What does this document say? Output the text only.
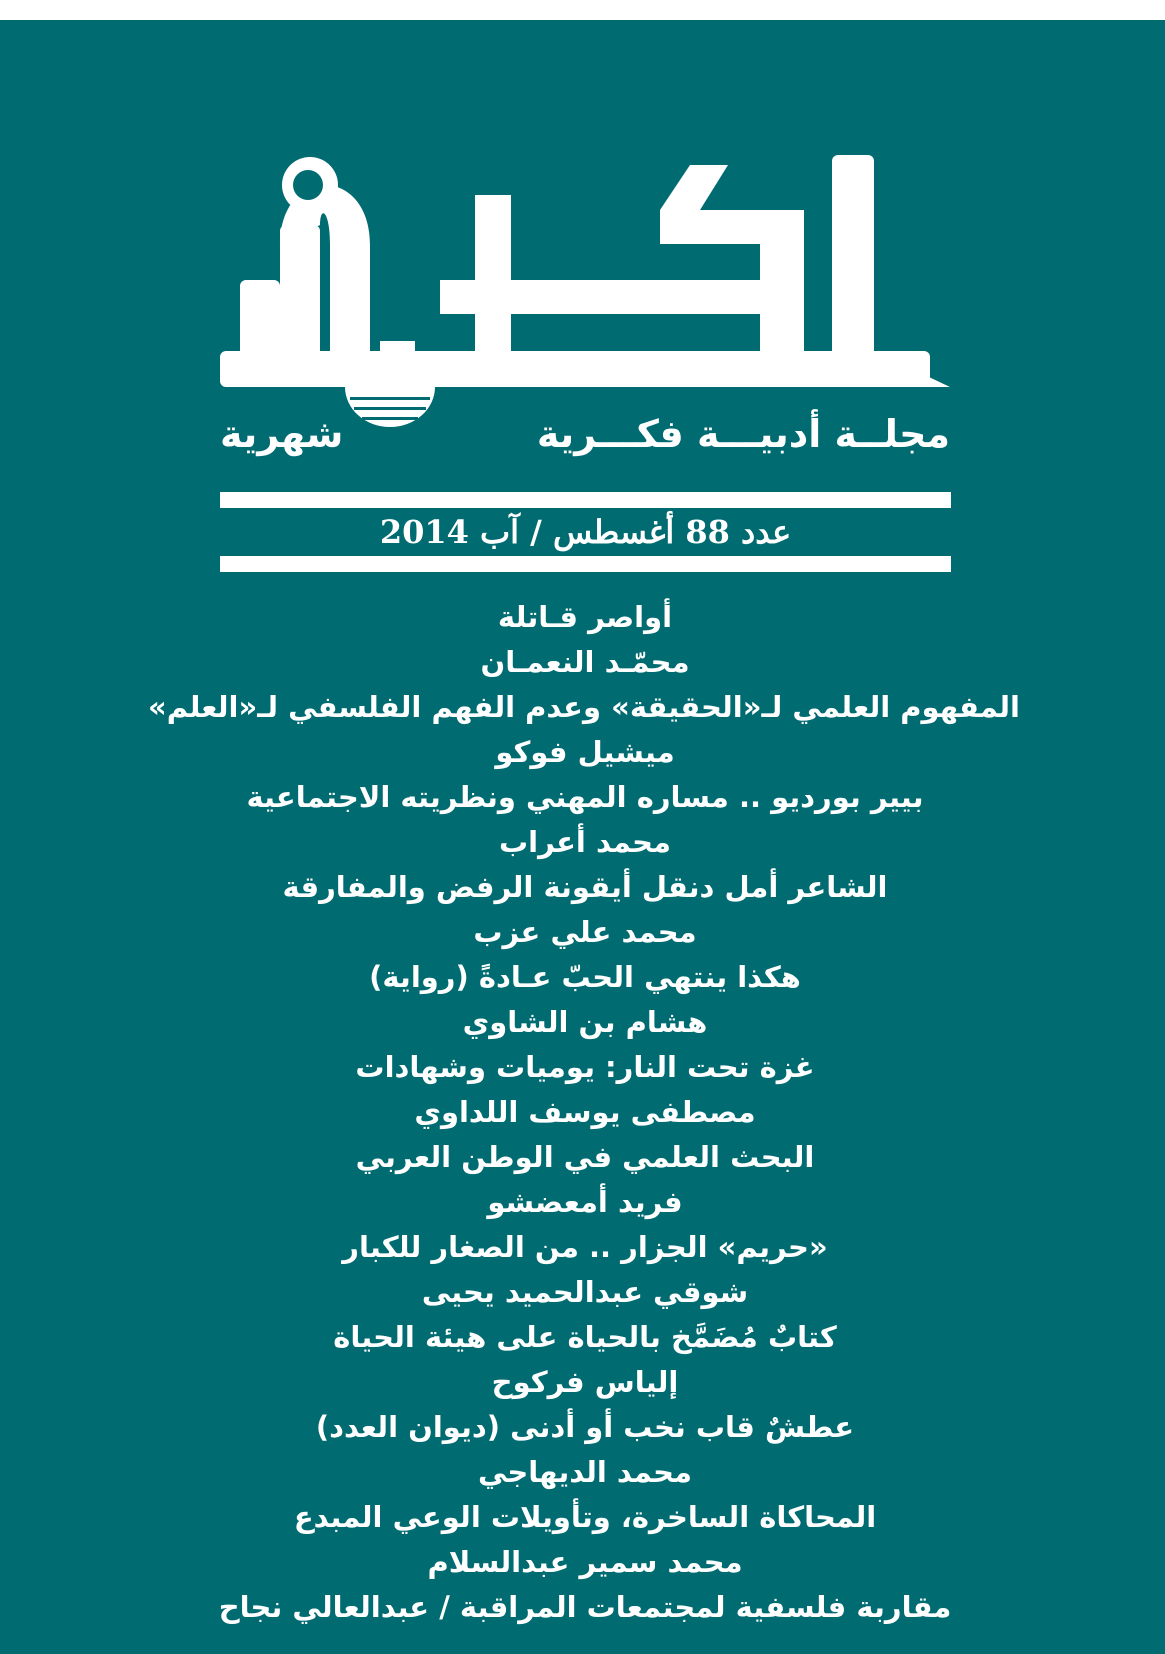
مجلــة أدبيـــة فكـــرية
شهرية
عدد 88 أغسطس / آب 2014
أواصر قـاتلة
محمّـد النعمـان
المفهوم العلمي لـ«الحقيقة» وعدم الفهم الفلسفي لـ«العلم»
ميشيل فوكو
بيير بورديو .. مساره المهني ونظريته الاجتماعية
محمد أعراب
الشاعر أمل دنقل أيقونة الرفض والمفارقة
محمد علي عزب
هكذا ينتهي الحبّ عـادةً (رواية)
هشام بن الشاوي
غزة تحت النار: يوميات وشهادات
مصطفى يوسف اللداوي
البحث العلمي في الوطن العربي
فريد أمعضشو
«حريم» الجزار .. من الصغار للكبار
شوقي عبدالحميد يحيى
كتابٌ مُضَمَّخ بالحياة على هيئة الحياة
إلياس فركوح
عطشٌ قاب نخب أو أدنى (ديوان العدد)
محمد الديهاجي
المحاكاة الساخرة، وتأويلات الوعي المبدع
محمد سمير عبدالسلام
مقاربة فلسفية لمجتمعات المراقبة / عبدالعالي نجاح
